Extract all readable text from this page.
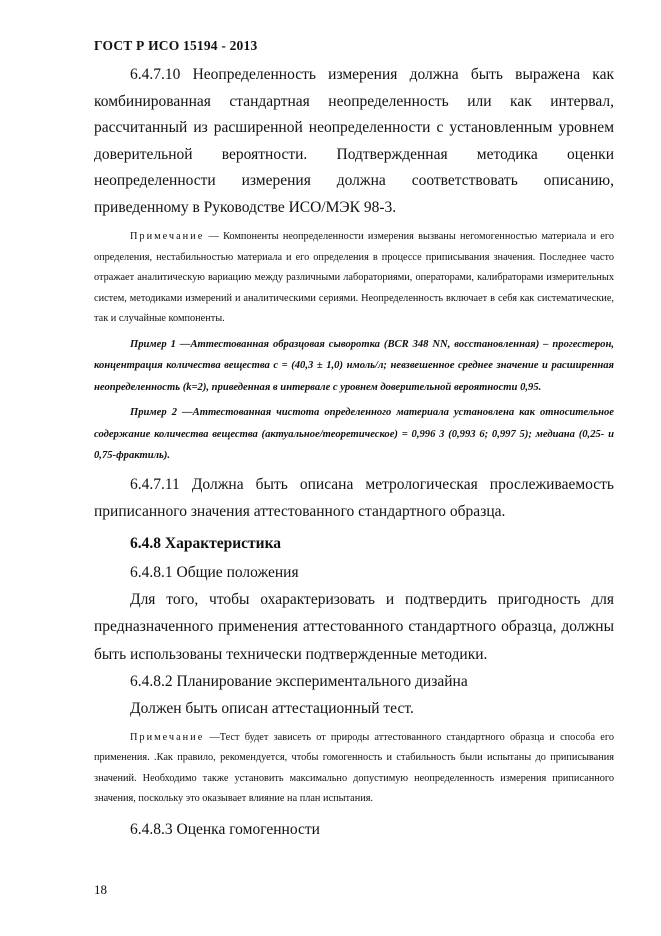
ГОСТ Р ИСО 15194 - 2013

6.4.7.10 Неопределенность измерения должна быть выражена как комбинированная стандартная неопределенность или как интервал, рассчитанный из расширенной неопределенности с установленным уровнем доверительной вероятности. Подтвержденная методика оценки неопределенности измерения должна соответствовать описанию, приведенному в Руководстве ИСО/МЭК 98-3.

Примечание — Компоненты неопределенности измерения вызваны негомогенностью материала и его определения, нестабильностью материала и его определения в процессе приписывания значения. Последнее часто отражает аналитическую вариацию между различными лабораториями, операторами, калибраторами измерительных систем, методиками измерений и аналитическими сериями. Неопределенность включает в себя как систематические, так и случайные компоненты.

Пример 1 —Аттестованная образцовая сыворотка (BCR 348 NN, восстановленная) – прогестерон, концентрация количества вещества c = (40,3 ± 1,0) нмоль/л; невзвешенное среднее значение и расширенная неопределенность (k=2), приведенная в интервале с уровнем доверительной вероятности 0,95.

Пример 2 —Аттестованная чистота определенного материала установлена как относительное содержание количества вещества (актуальное/теоретическое) = 0,996 3 (0,993 6; 0,997 5); медиана (0,25- и 0,75-фрактиль).

6.4.7.11 Должна быть описана метрологическая прослеживаемость приписанного значения аттестованного стандартного образца.

6.4.8 Характеристика

6.4.8.1 Общие положения

Для того, чтобы охарактеризовать и подтвердить пригодность для предназначенного применения аттестованного стандартного образца, должны быть использованы технически подтвержденные методики.

6.4.8.2 Планирование экспериментального дизайна

Должен быть описан аттестационный тест.

Примечание —Тест будет зависеть от природы аттестованного стандартного образца и способа его применения. .Как правило, рекомендуется, чтобы гомогенность и стабильность были испытаны до приписывания значений. Необходимо также установить максимально допустимую неопределенность измерения приписанного значения, поскольку это оказывает влияние на план испытания.

6.4.8.3 Оценка гомогенности

18
